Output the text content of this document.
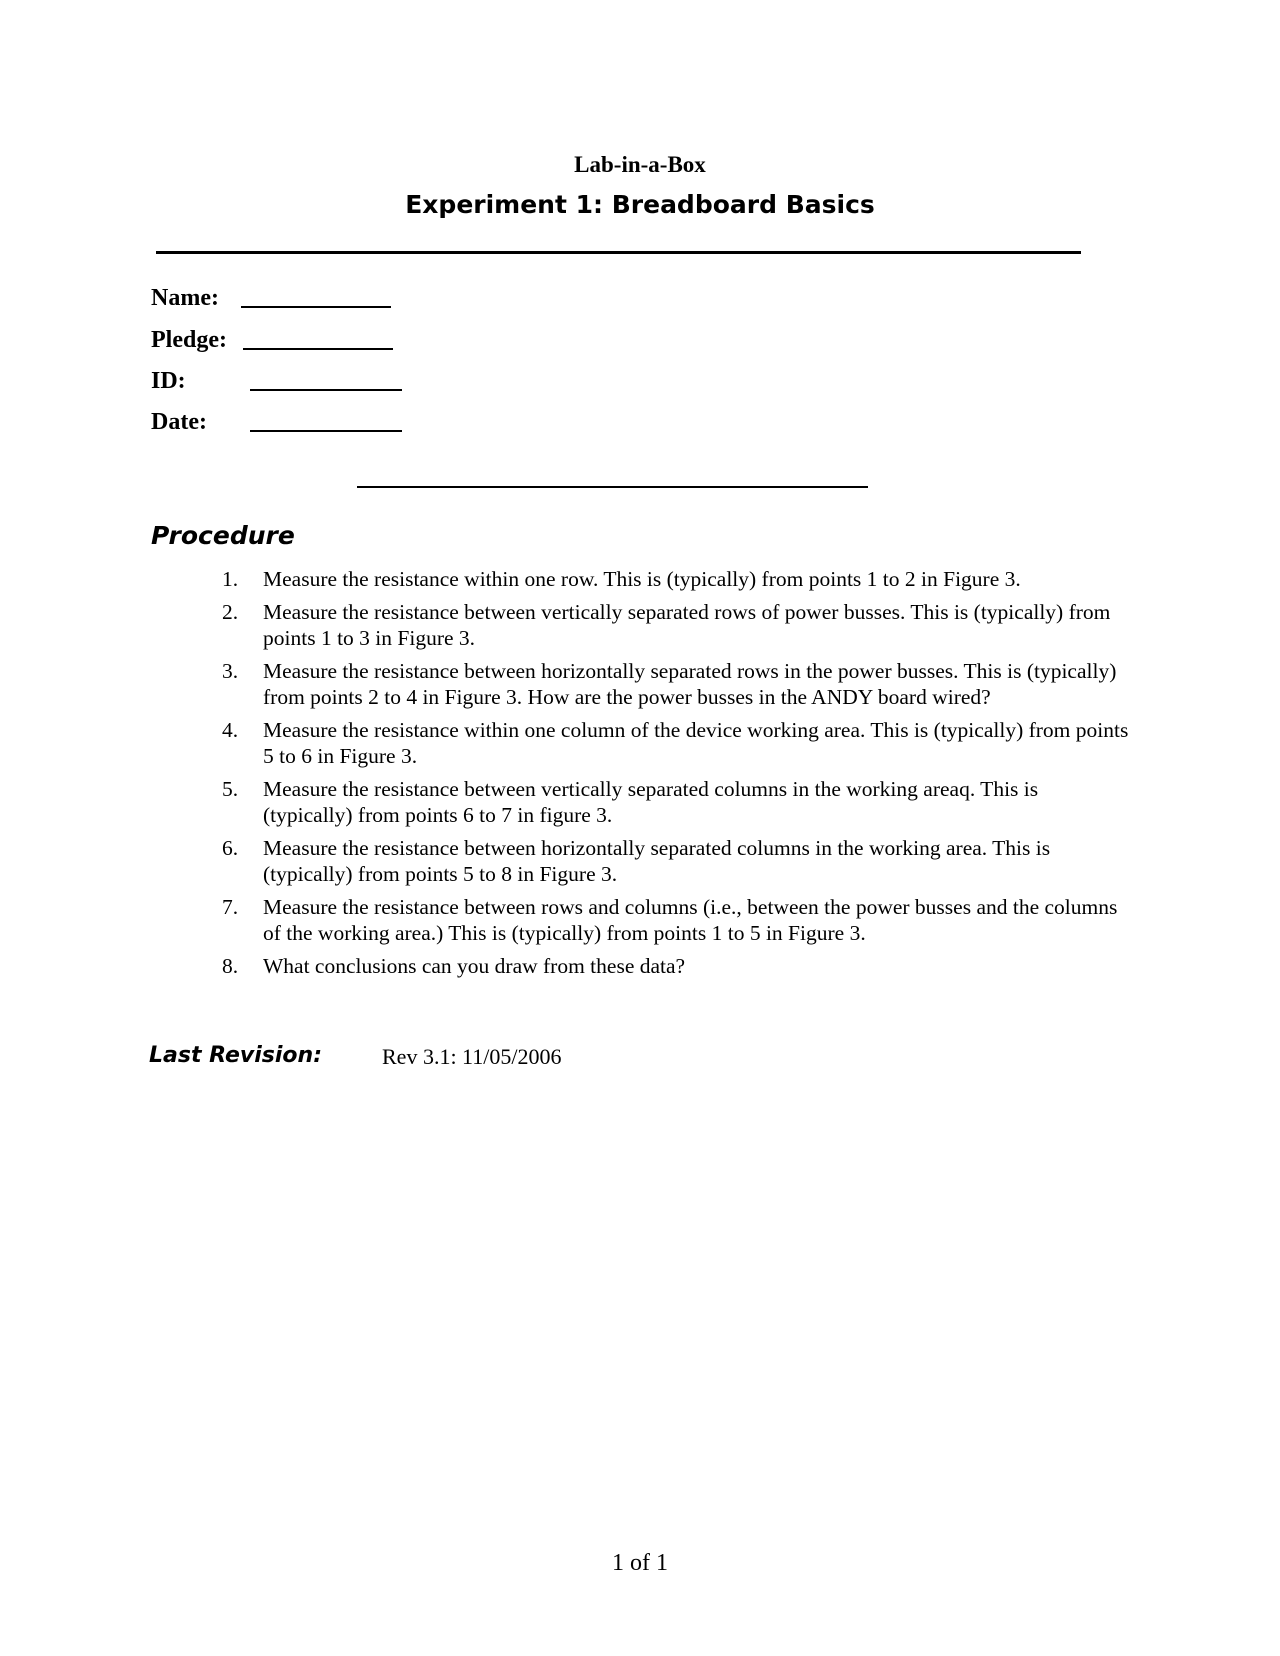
Lab-in-a-Box
Experiment 1: Breadboard Basics
Name:
Pledge:
ID:
Date:
Procedure
1.	Measure the resistance within one row. This is (typically) from points 1 to 2 in Figure 3.
2.	Measure the resistance between vertically separated rows of power busses. This is (typically) from points 1 to 3 in Figure 3.
3.	Measure the resistance between horizontally separated rows in the power busses. This is (typically) from points 2 to 4 in Figure 3. How are the power busses in the ANDY board wired?
4.	Measure the resistance within one column of the device working area. This is (typically) from points 5 to 6 in Figure 3.
5.	Measure the resistance between vertically separated columns in the working areaq. This is (typically) from points 6 to 7 in figure 3.
6.	Measure the resistance between horizontally separated columns in the working area. This is (typically) from points 5 to 8 in Figure 3.
7.	Measure the resistance between rows and columns (i.e., between the power busses and the columns of the working area.) This is (typically) from points 1 to 5 in Figure 3.
8.	What conclusions can you draw from these data?
Last Revision:	Rev 3.1: 11/05/2006
1 of 1
